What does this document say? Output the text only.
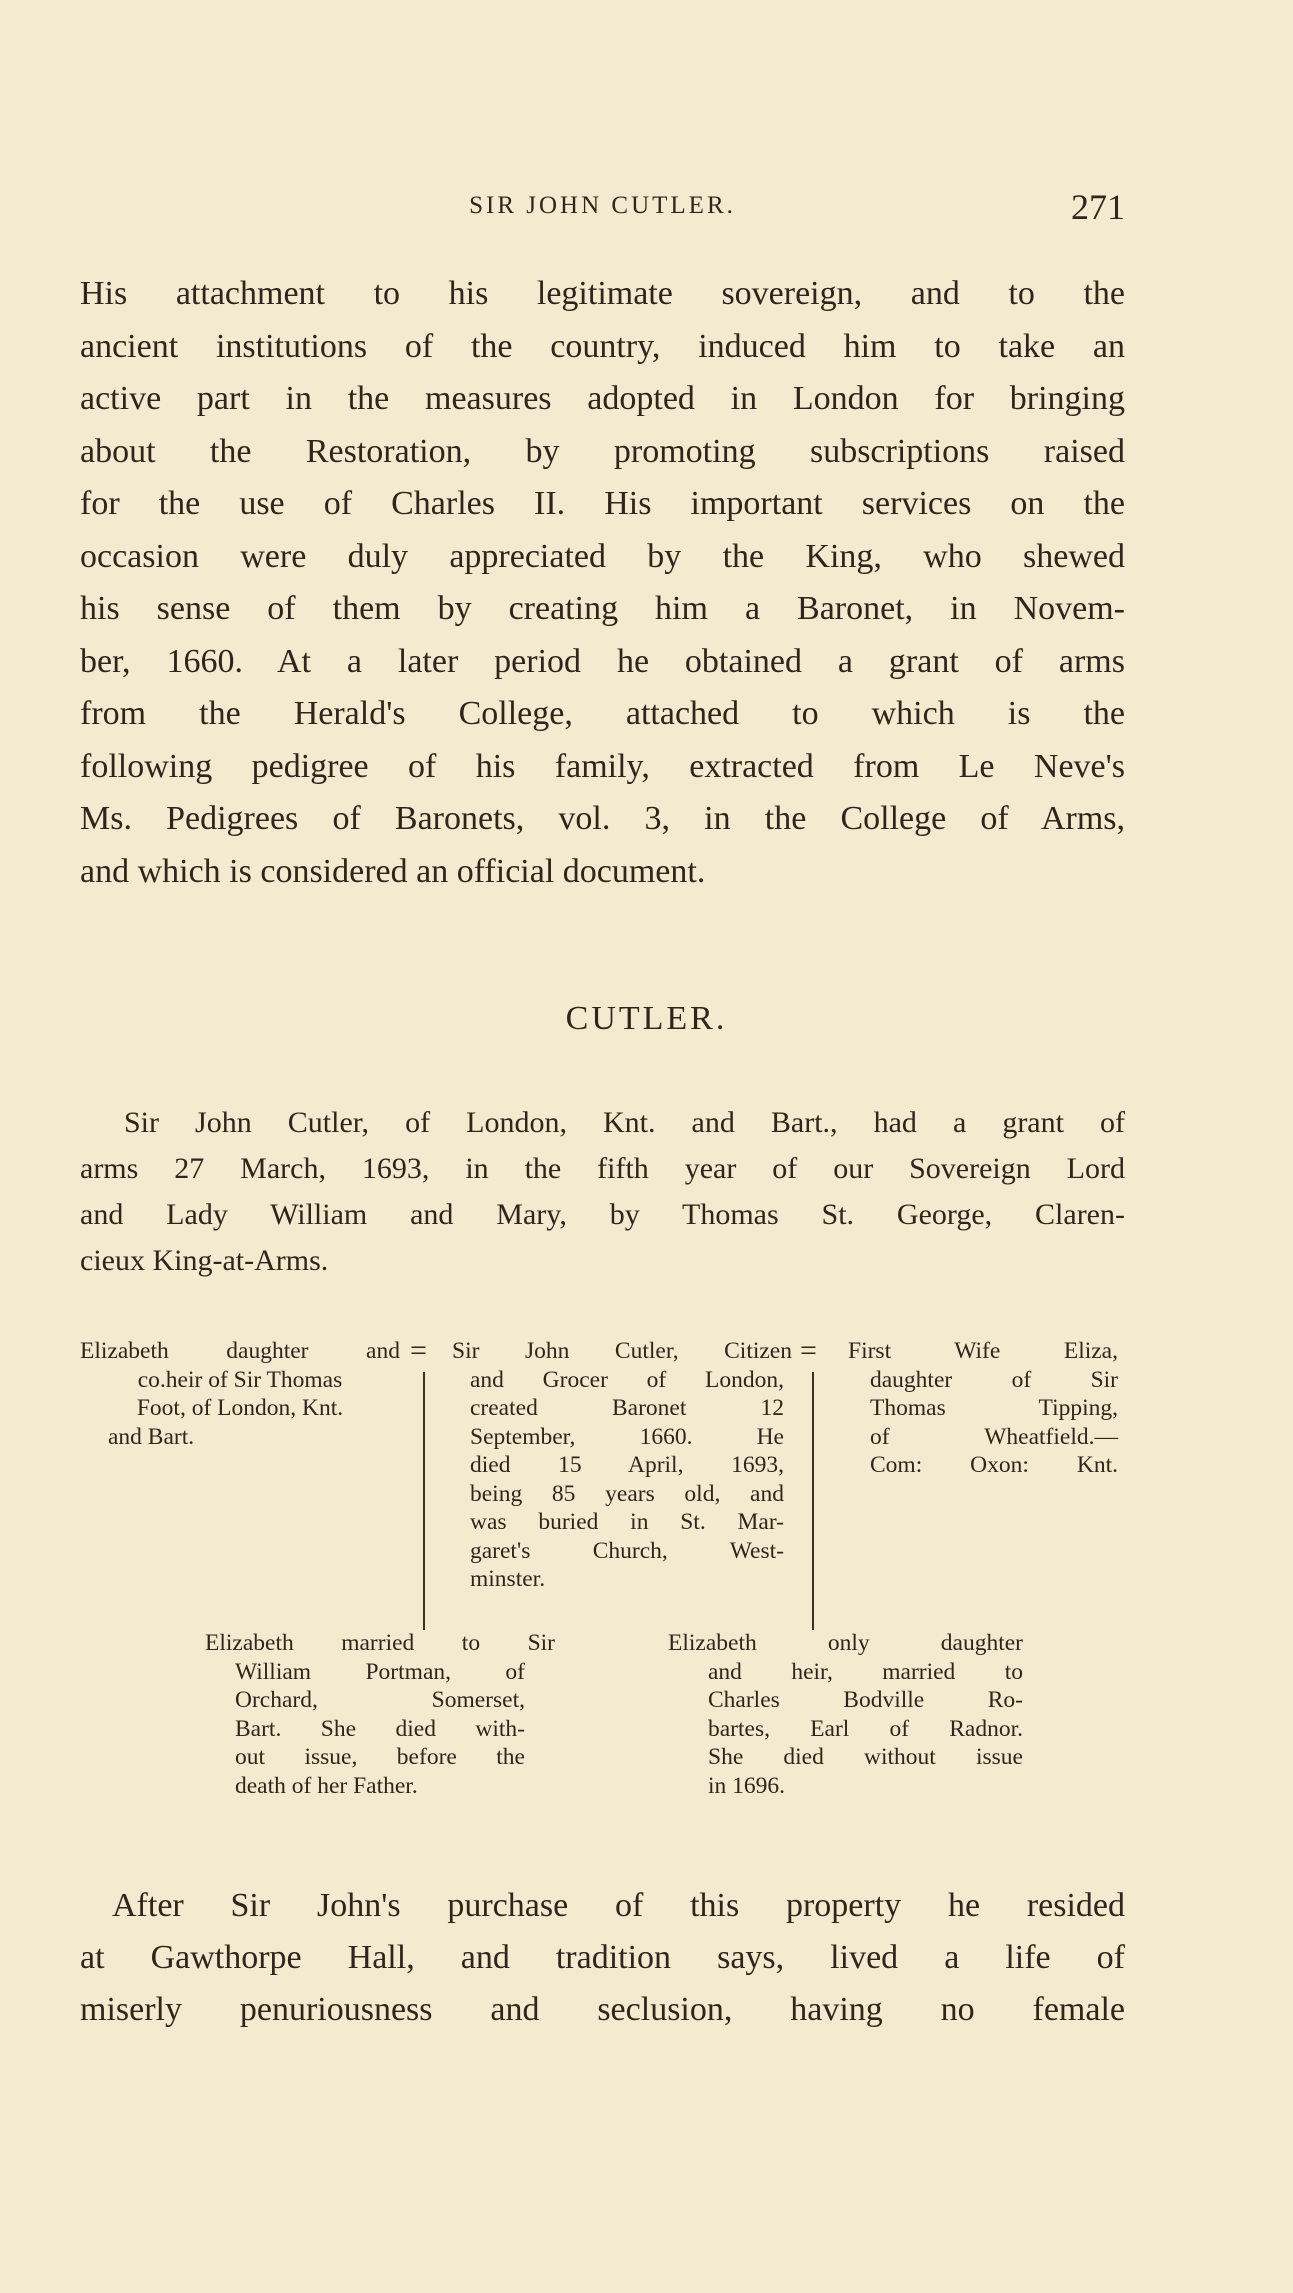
SIR JOHN CUTLER.	271
His attachment to his legitimate sovereign, and to the
ancient institutions of the country, induced him to take an
active part in the measures adopted in London for bringing
about the Restoration, by promoting subscriptions raised
for the use of Charles II. His important services on the
occasion were duly appreciated by the King, who shewed
his sense of them by creating him a Baronet, in Novem-
ber, 1660. At a later period he obtained a grant of arms
from the Herald's College, attached to which is the
following pedigree of his family, extracted from Le Neve's
Ms. Pedigrees of Baronets, vol. 3, in the College of Arms,
and which is considered an official document.
CUTLER.
Sir John Cutler, of London, Knt. and Bart., had a grant of
arms 27 March, 1693, in the fifth year of our Sovereign Lord
and Lady William and Mary, by Thomas St. George, Claren-
cieux King-at-Arms.
Elizabeth daughter and
co.heir of Sir Thomas
Foot, of London, Knt.
and Bart.
= Sir John Cutler, Citizen
and Grocer of London,
created Baronet 12
September, 1660. He
died 15 April, 1693,
being 85 years old, and
was buried in St. Mar-
garet's Church, West-
minster.
= First Wife Eliza,
daughter of Sir
Thomas Tipping,
of Wheatfield.—
Com: Oxon: Knt.
Elizabeth married to Sir
William Portman, of
Orchard, Somerset,
Bart. She died with-
out issue, before the
death of her Father.
Elizabeth only daughter
and heir, married to
Charles Bodville Ro-
bartes, Earl of Radnor.
She died without issue
in 1696.
After Sir John's purchase of this property he resided
at Gawthorpe Hall, and tradition says, lived a life of
miserly penuriousness and seclusion, having no female
